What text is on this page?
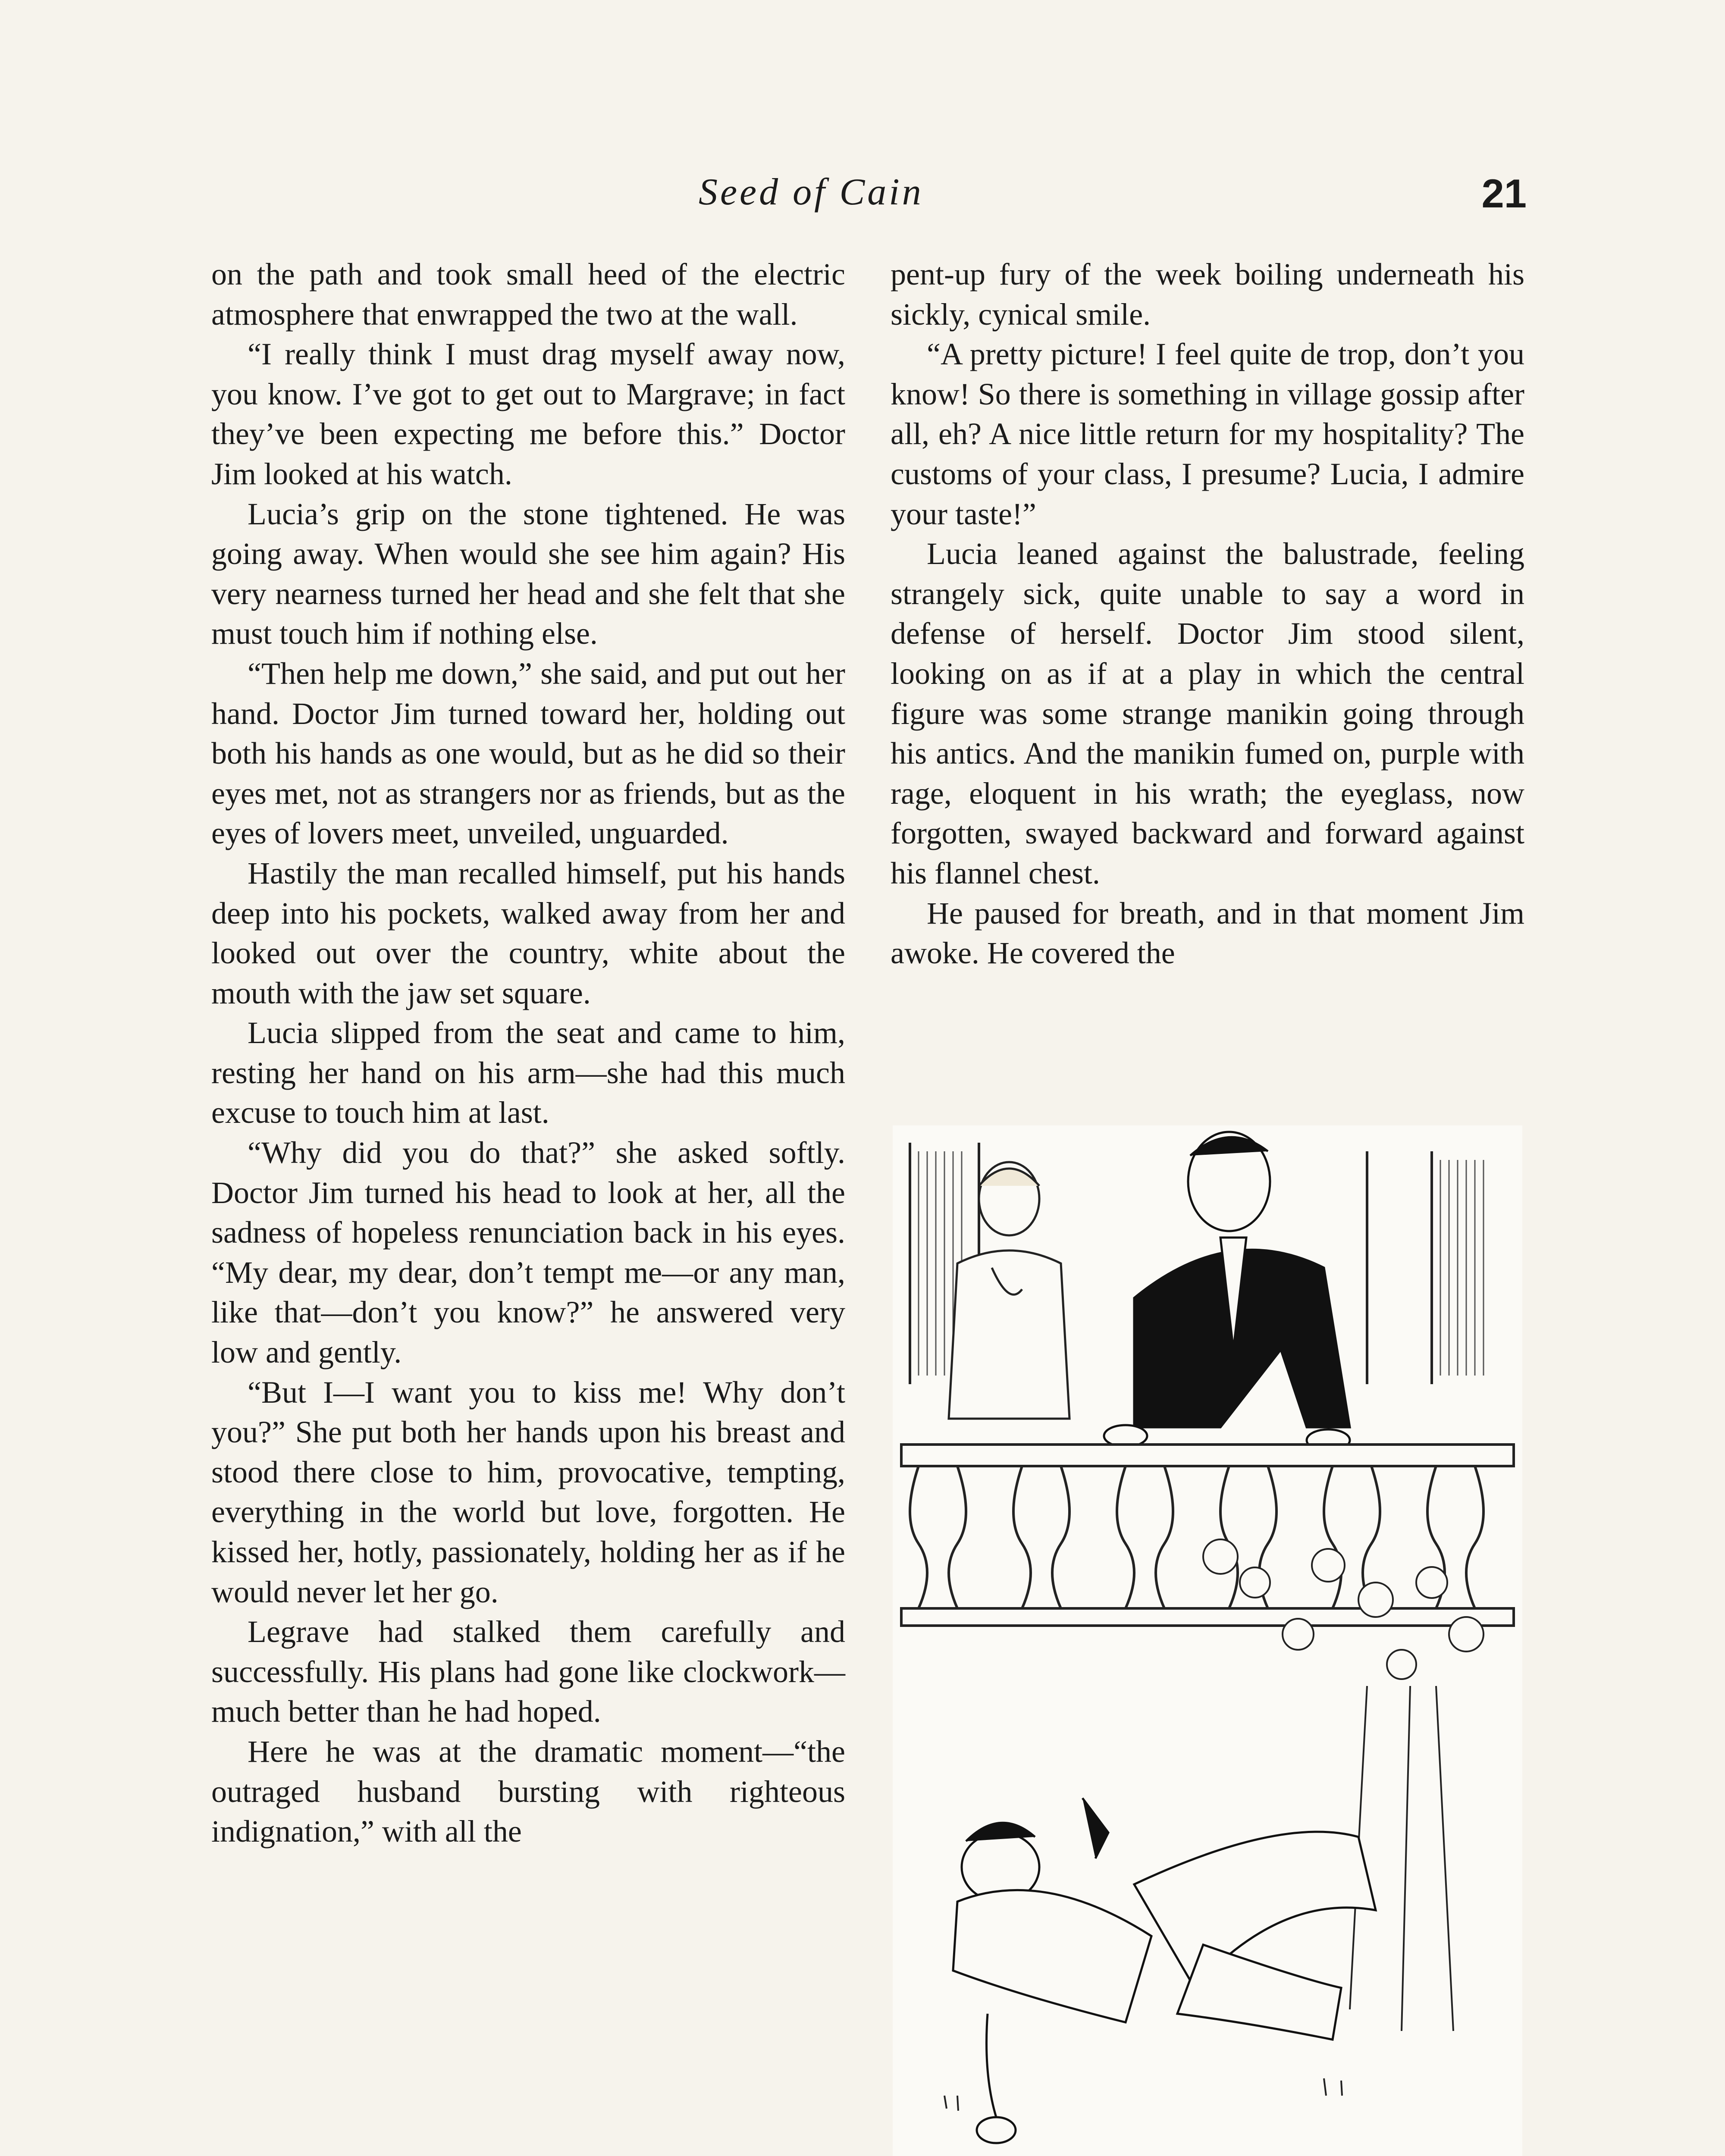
Seed of Cain	21

on the path and took small heed of the electric atmosphere that enwrapped the two at the wall.

“I really think I must drag myself away now, you know. I’ve got to get out to Margrave; in fact they’ve been expecting me before this.” Doctor Jim looked at his watch.

Lucia’s grip on the stone tightened. He was going away. When would she see him again? His very nearness turned her head and she felt that she must touch him if nothing else.

“Then help me down,” she said, and put out her hand. Doctor Jim turned toward her, holding out both his hands as one would, but as he did so their eyes met, not as strangers nor as friends, but as the eyes of lovers meet, unveiled, unguarded.

Hastily the man recalled himself, put his hands deep into his pockets, walked away from her and looked out over the country, white about the mouth with the jaw set square.

Lucia slipped from the seat and came to him, resting her hand on his arm—she had this much excuse to touch him at last.

“Why did you do that?” she asked softly. Doctor Jim turned his head to look at her, all the sadness of hopeless renunciation back in his eyes. “My dear, my dear, don’t tempt me—or any man, like that—don’t you know?” he answered very low and gently.

“But I—I want you to kiss me! Why don’t you?” She put both her hands upon his breast and stood there close to him, provocative, tempting, everything in the world but love, forgotten. He kissed her, hotly, passionately, holding her as if he would never let her go.

Legrave had stalked them carefully and successfully. His plans had gone like clockwork—much better than he had hoped.

Here he was at the dramatic moment—“the outraged husband bursting with righteous indignation,” with all the

pent-up fury of the week boiling underneath his sickly, cynical smile.

“A pretty picture! I feel quite de trop, don’t you know! So there is something in village gossip after all, eh? A nice little return for my hospitality? The customs of your class, I presume? Lucia, I admire your taste!”

Lucia leaned against the balustrade, feeling strangely sick, quite unable to say a word in defense of herself. Doctor Jim stood silent, looking on as if at a play in which the central figure was some strange manikin going through his antics. And the manikin fumed on, purple with rage, eloquent in his wrath; the eyeglass, now forgotten, swayed backward and forward against his flannel chest.

He paused for breath, and in that moment Jim awoke. He covered the
